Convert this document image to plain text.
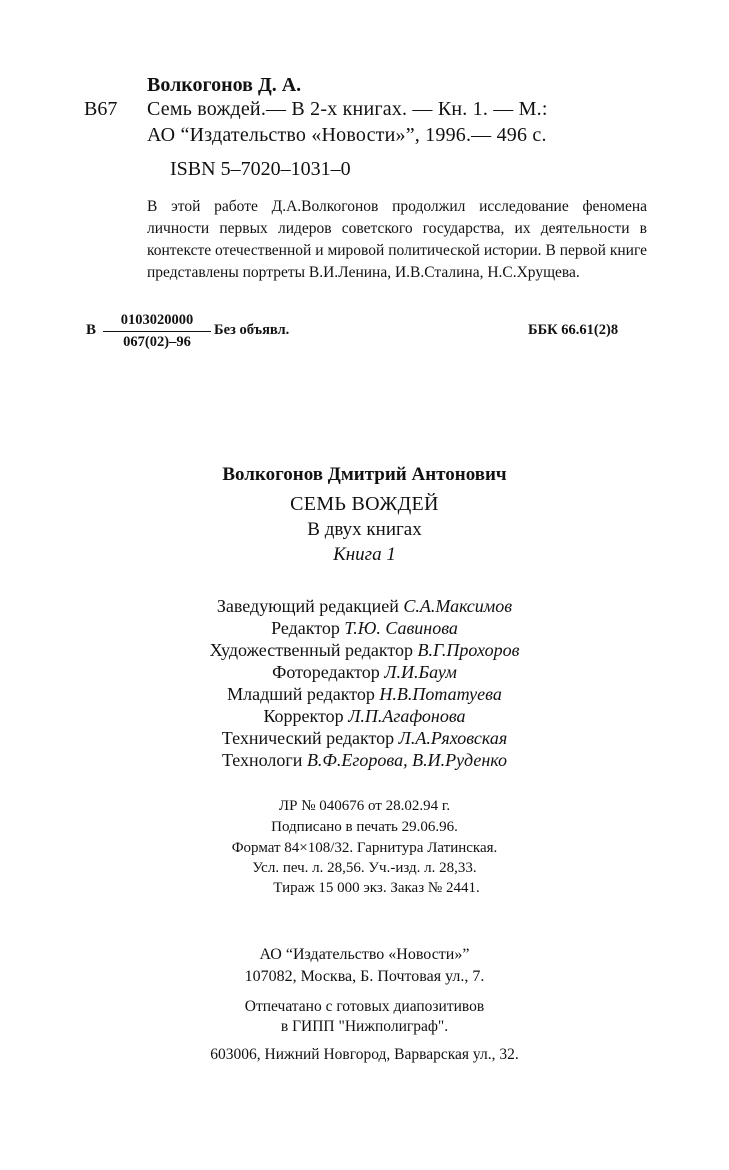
Волкогонов Д. А.
В67 Семь вождей.— В 2-х книгах. — Кн. 1. — М.:
АО “Издательство «Новости»”, 1996.— 496 с.
ISBN 5–7020–1031–0

В этой работе Д.А.Волкогонов продолжил исследование феномена личности первых лидеров советского государства, их деятельности в контексте отечественной и мировой политической истории. В первой книге представлены портреты В.И.Ленина, И.В.Сталина, Н.С.Хрущева.

В
0103020000
067(02)–96
Без объявл.	ББК 66.61(2)8
Волкогонов Дмитрий Антонович
СЕМЬ ВОЖДЕЙ
В двух книгах
Книга 1
Заведующий редакцией С.А.Максимов
Редактор Т.Ю. Савинова
Художественный редактор В.Г.Прохоров
Фоторедактор Л.И.Баум
Младший редактор Н.В.Потатуева
Корректор Л.П.Агафонова
Технический редактор Л.А.Ряховская
Технологи В.Ф.Егорова, В.И.Руденко
ЛР № 040676 от 28.02.94 г.
Подписано в печать 29.06.96.
Формат 84×108/32. Гарнитура Латинская.
Усл. печ. л. 28,56. Уч.-изд. л. 28,33.
Тираж 15 000 экз. Заказ № 2441.
АО “Издательство «Новости»”
107082, Москва, Б. Почтовая ул., 7.
Отпечатано с готовых диапозитивов
в ГИПП "Нижполиграф".
603006, Нижний Новгород, Варварская ул., 32.
